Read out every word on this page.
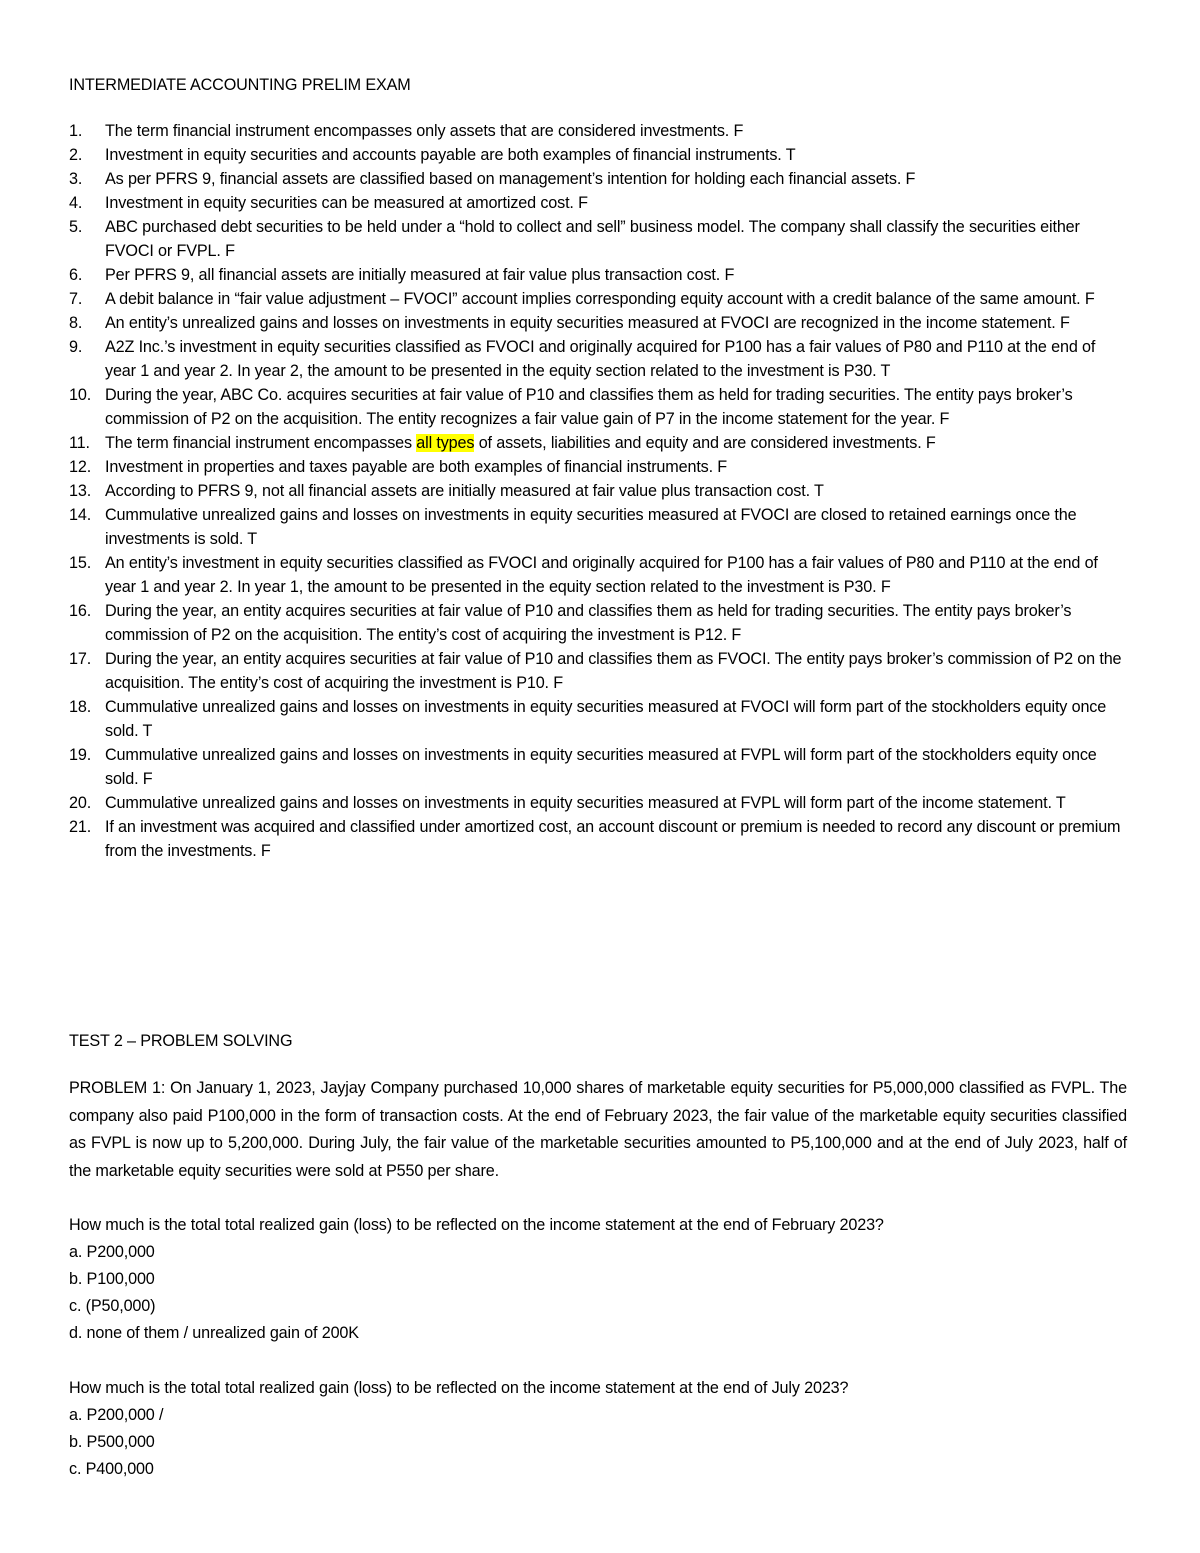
INTERMEDIATE ACCOUNTING PRELIM EXAM
1. The term financial instrument encompasses only assets that are considered investments. F
2. Investment in equity securities and accounts payable are both examples of financial instruments. T
3. As per PFRS 9, financial assets are classified based on management’s intention for holding each financial assets. F
4. Investment in equity securities can be measured at amortized cost. F
5. ABC purchased debt securities to be held under a “hold to collect and sell” business model. The company shall classify the securities either FVOCI or FVPL. F
6. Per PFRS 9, all financial assets are initially measured at fair value plus transaction cost. F
7. A debit balance in “fair value adjustment – FVOCI” account implies corresponding equity account with a credit balance of the same amount. F
8. An entity’s unrealized gains and losses on investments in equity securities measured at FVOCI are recognized in the income statement. F
9. A2Z Inc.’s investment in equity securities classified as FVOCI and originally acquired for P100 has a fair values of P80 and P110 at the end of year 1 and year 2. In year 2, the amount to be presented in the equity section related to the investment is P30. T
10. During the year, ABC Co. acquires securities at fair value of P10 and classifies them as held for trading securities. The entity pays broker’s commission of P2 on the acquisition. The entity recognizes a fair value gain of P7 in the income statement for the year. F
11. The term financial instrument encompasses all types of assets, liabilities and equity and are considered investments. F
12. Investment in properties and taxes payable are both examples of financial instruments. F
13. According to PFRS 9, not all financial assets are initially measured at fair value plus transaction cost. T
14. Cummulative unrealized gains and losses on investments in equity securities measured at FVOCI are closed to retained earnings once the investments is sold. T
15. An entity’s investment in equity securities classified as FVOCI and originally acquired for P100 has a fair values of P80 and P110 at the end of year 1 and year 2. In year 1, the amount to be presented in the equity section related to the investment is P30. F
16. During the year, an entity acquires securities at fair value of P10 and classifies them as held for trading securities. The entity pays broker’s commission of P2 on the acquisition. The entity’s cost of acquiring the investment is P12. F
17. During the year, an entity acquires securities at fair value of P10 and classifies them as FVOCI. The entity pays broker’s commission of P2 on the acquisition. The entity’s cost of acquiring the investment is P10. F
18. Cummulative unrealized gains and losses on investments in equity securities measured at FVOCI will form part of the stockholders equity once sold. T
19. Cummulative unrealized gains and losses on investments in equity securities measured at FVPL will form part of the stockholders equity once sold. F
20. Cummulative unrealized gains and losses on investments in equity securities measured at FVPL will form part of the income statement. T
21. If an investment was acquired and classified under amortized cost, an account discount or premium is needed to record any discount or premium from the investments. F
TEST 2 – PROBLEM SOLVING

PROBLEM 1: On January 1, 2023, Jayjay Company purchased 10,000 shares of marketable equity securities for P5,000,000 classified as FVPL. The company also paid P100,000 in the form of transaction costs. At the end of February 2023, the fair value of the marketable equity securities classified as FVPL is now up to 5,200,000. During July, the fair value of the marketable securities amounted to P5,100,000 and at the end of July 2023, half of the marketable equity securities were sold at P550 per share.

How much is the total total realized gain (loss) to be reflected on the income statement at the end of February 2023?
a. P200,000
b. P100,000
c. (P50,000)
d. none of them / unrealized gain of 200K
How much is the total total realized gain (loss) to be reflected on the income statement at the end of July 2023?
a. P200,000 /
b. P500,000
c. P400,000
